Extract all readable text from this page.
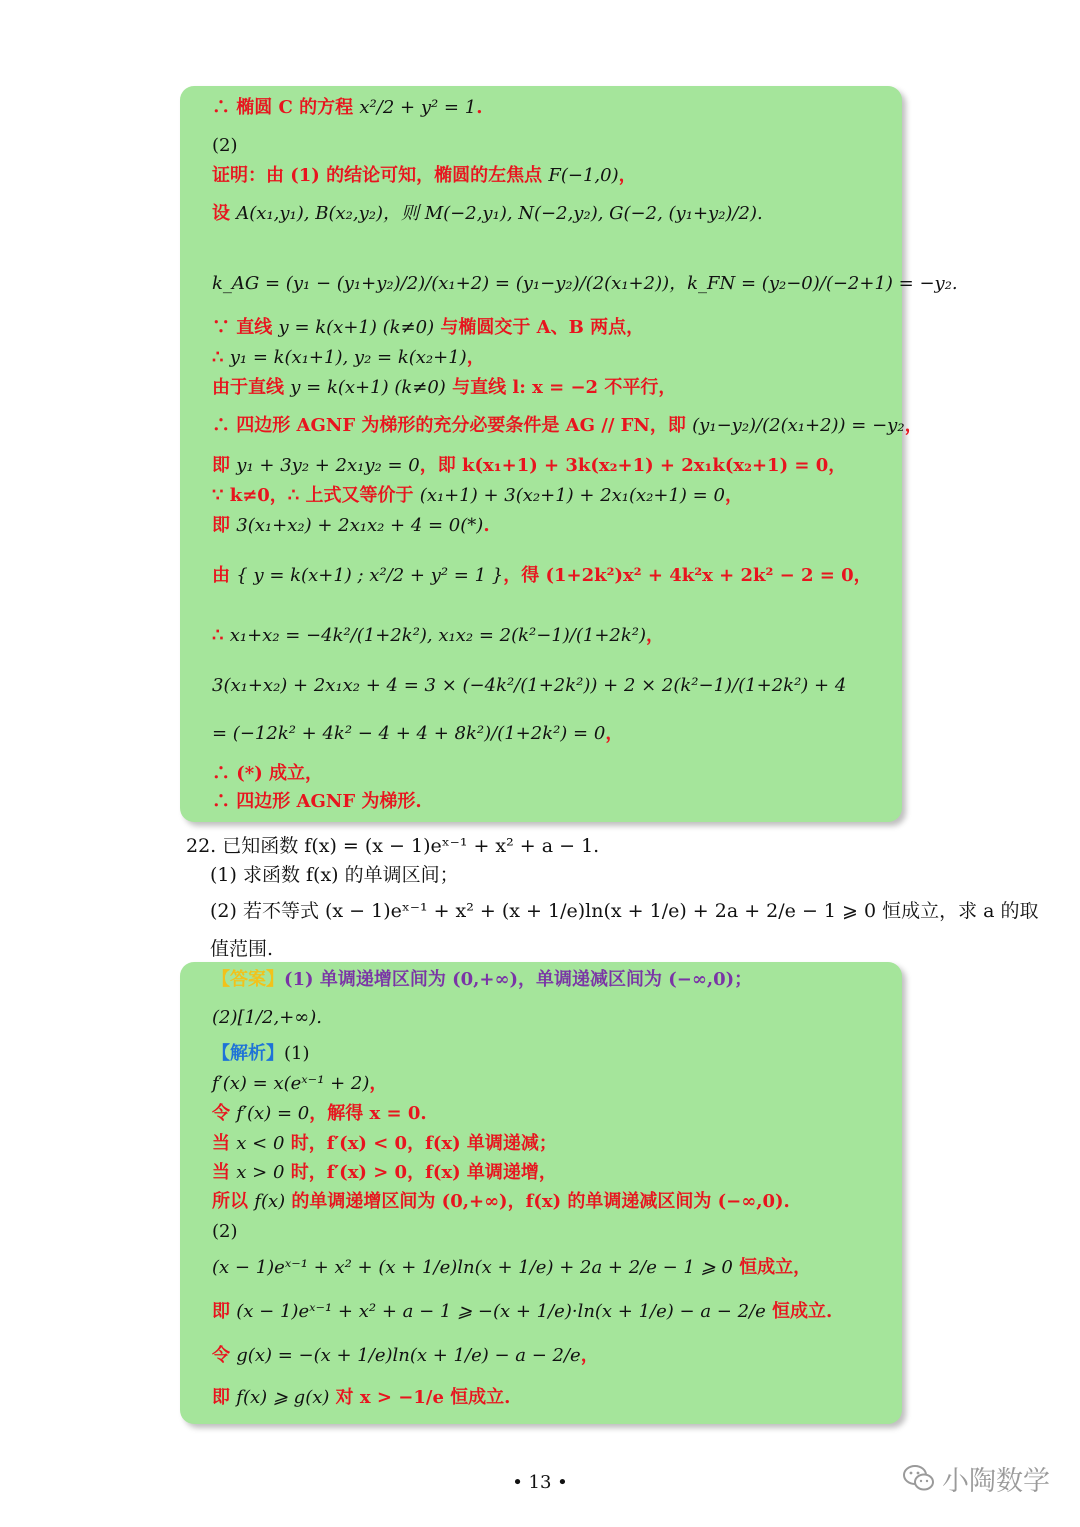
∴ 椭圆 C 的方程 x²/2 + y² = 1.
(2)
证明：由 (1) 的结论可知，椭圆的左焦点 F(−1,0)，
设 A(x₁,y₁), B(x₂,y₂)，则 M(−2,y₁), N(−2,y₂), G(−2, (y₁+y₂)/2).
k_AG = (y₁ − (y₁+y₂)/2)/(x₁+2) = (y₁−y₂)/(2(x₁+2))，k_FN = (y₂−0)/(−2+1) = −y₂.
∵ 直线 y = k(x+1) (k≠0) 与椭圆交于 A、B 两点，
∴ y₁ = k(x₁+1), y₂ = k(x₂+1)，
由于直线 y = k(x+1) (k≠0) 与直线 l: x = −2 不平行，
∴ 四边形 AGNF 为梯形的充分必要条件是 AG // FN，即 (y₁−y₂)/(2(x₁+2)) = −y₂，
即 y₁ + 3y₂ + 2x₁y₂ = 0，即 k(x₁+1) + 3k(x₂+1) + 2x₁k(x₂+1) = 0，
∵ k≠0，∴ 上式又等价于 (x₁+1) + 3(x₂+1) + 2x₁(x₂+1) = 0，
即 3(x₁+x₂) + 2x₁x₂ + 4 = 0(*).
由 { y = k(x+1) ; x²/2 + y² = 1 }，得 (1+2k²)x² + 4k²x + 2k² − 2 = 0，
∴ x₁+x₂ = −4k²/(1+2k²), x₁x₂ = 2(k²−1)/(1+2k²)，
3(x₁+x₂) + 2x₁x₂ + 4 = 3 × (−4k²/(1+2k²)) + 2 × 2(k²−1)/(1+2k²) + 4
= (−12k² + 4k² − 4 + 4 + 8k²)/(1+2k²) = 0，
∴ (*) 成立，
∴ 四边形 AGNF 为梯形.
22. 已知函数 f(x) = (x − 1)eˣ⁻¹ + x² + a − 1.
(1) 求函数 f(x) 的单调区间；
(2) 若不等式 (x − 1)eˣ⁻¹ + x² + (x + 1/e)ln(x + 1/e) + 2a + 2/e − 1 ⩾ 0 恒成立，求 a 的取
值范围.
【答案】(1) 单调递增区间为 (0,+∞)，单调递减区间为 (−∞,0)；
(2)[1/2,+∞).
【解析】(1)
f′(x) = x(eˣ⁻¹ + 2)，
令 f′(x) = 0，解得 x = 0.
当 x < 0 时，f′(x) < 0，f(x) 单调递减；
当 x > 0 时，f′(x) > 0，f(x) 单调递增，
所以 f(x) 的单调递增区间为 (0,+∞)，f(x) 的单调递减区间为 (−∞,0).
(2)
(x − 1)eˣ⁻¹ + x² + (x + 1/e)ln(x + 1/e) + 2a + 2/e − 1 ⩾ 0 恒成立，
即 (x − 1)eˣ⁻¹ + x² + a − 1 ⩾ −(x + 1/e)·ln(x + 1/e) − a − 2/e 恒成立.
令 g(x) = −(x + 1/e)ln(x + 1/e) − a − 2/e，
即 f(x) ⩾ g(x) 对 x > −1/e 恒成立.
• 13 •	小陶数学
